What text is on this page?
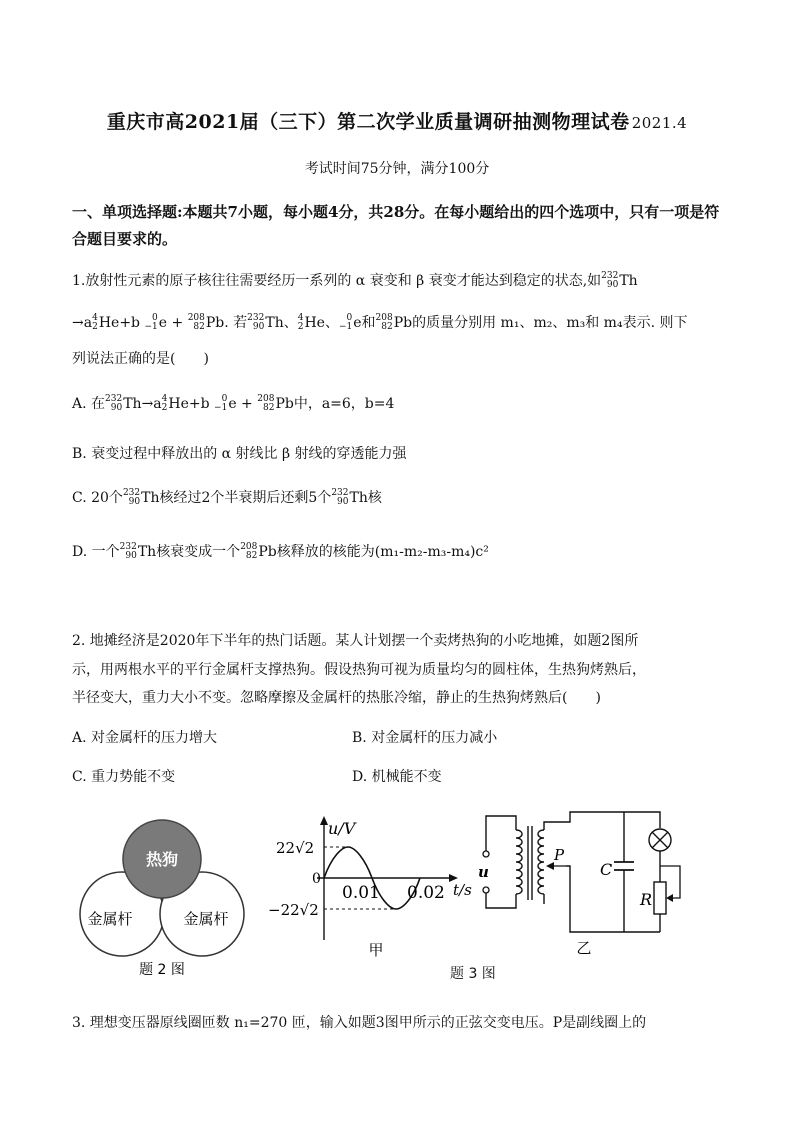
重庆市高2021届（三下）第二次学业质量调研抽测物理试卷 2021.4
考试时间75分钟，满分100分
一、单项选择题:本题共7小题，每小题4分，共28分。在每小题给出的四个选项中，只有一项是符合题目要求的。
1.放射性元素的原子核往往需要经历一系列的 α 衰变和 β 衰变才能达到稳定的状态,如 232
90 Th
→a 4
2 He+b 0
−1 e + 208
82 Pb. 若 232
90 Th、 4
2 He、 0
−1 e和 208
82 Pb的质量分别用 m₁、m₂、m₃和 m₄表示. 则下
列说法正确的是(　　)
A. 在 232
90 Th→a 4
2 He+b 0
−1 e + 208
82 Pb中，a=6，b=4
B. 衰变过程中释放出的 α 射线比 β 射线的穿透能力强
C. 20个 232
90 Th核经过2个半衰期后还剩5个 232
90 Th核
D. 一个 232
90 Th核衰变成一个 208
82 Pb核释放的核能为(m₁-m₂-m₃-m₄)c²
2. 地摊经济是2020年下半年的热门话题。某人计划摆一个卖烤热狗的小吃地摊，如题2图所
示，用两根水平的平行金属杆支撑热狗。假设热狗可视为质量均匀的圆柱体，生热狗烤熟后，
半径变大，重力大小不变。忽略摩擦及金属杆的热胀冷缩，静止的生热狗烤熟后(　　)
A. 对金属杆的压力增大	B. 对金属杆的压力减小
C. 重力势能不变	D. 机械能不变
热狗
金属杆	金属杆
题 2 图
u/V
22√2
0
0.01 0.02 t/s
−22√2
甲
题 3 图
u
P
C
R
乙
3. 理想变压器原线圈匝数 n₁=270 匝，输入如题3图甲所示的正弦交变电压。P是副线圈上的
